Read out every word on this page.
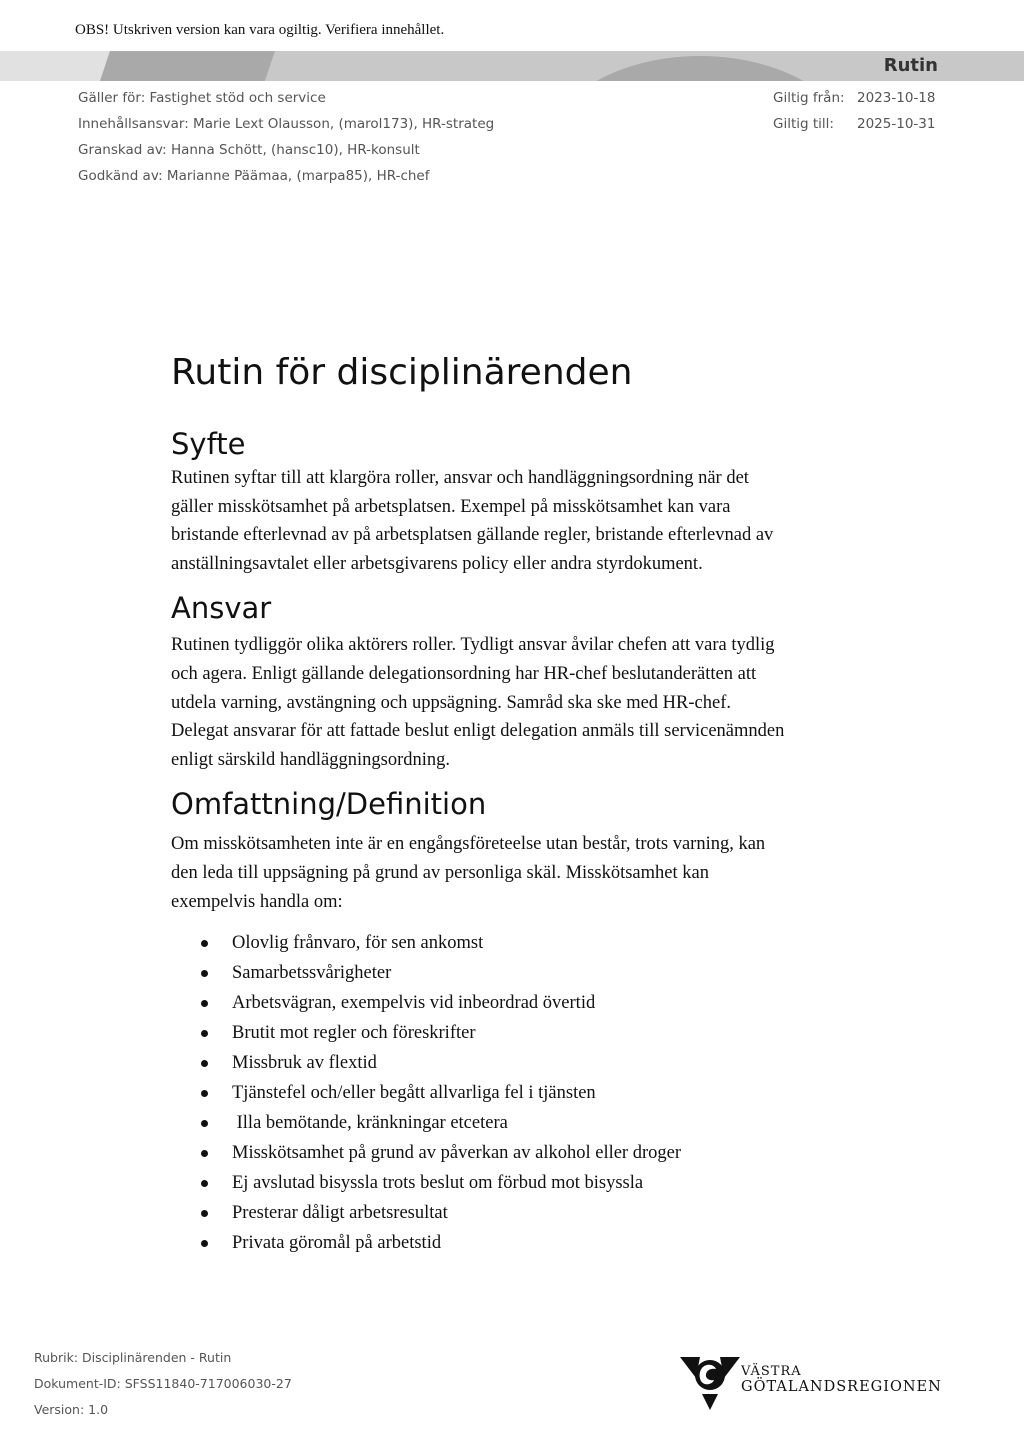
OBS! Utskriven version kan vara ogiltig. Verifiera innehållet.
Rutin
Gäller för: Fastighet stöd och service
Innehållsansvar: Marie Lext Olausson, (marol173), HR-strateg
Granskad av: Hanna Schött, (hansc10), HR-konsult
Godkänd av: Marianne Päämaa, (marpa85), HR-chef
Giltig från: 2023-10-18
Giltig till:	2025-10-31
Rutin för disciplinärenden
Syfte

Rutinen syftar till att klargöra roller, ansvar och handläggningsordning när det gäller misskötsamhet på arbetsplatsen. Exempel på misskötsamhet kan vara bristande efterlevnad av på arbetsplatsen gällande regler, bristande efterlevnad av anställningsavtalet eller arbetsgivarens policy eller andra styrdokument.

Ansvar

Rutinen tydliggör olika aktörers roller. Tydligt ansvar åvilar chefen att vara tydlig och agera. Enligt gällande delegationsordning har HR-chef beslutanderätten att utdela varning, avstängning och uppsägning. Samråd ska ske med HR-chef. Delegat ansvarar för att fattade beslut enligt delegation anmäls till servicenämnden enligt särskild handläggningsordning.

Omfattning/Definition

Om misskötsamheten inte är en engångsföreteelse utan består, trots varning, kan den leda till uppsägning på grund av personliga skäl. Misskötsamhet kan exempelvis handla om:

Olovlig frånvaro, för sen ankomst
Samarbetssvårigheter
Arbetsvägran, exempelvis vid inbeordrad övertid
Brutit mot regler och föreskrifter
Missbruk av flextid
Tjänstefel och/eller begått allvarliga fel i tjänsten
Illa bemötande, kränkningar etcetera
Misskötsamhet på grund av påverkan av alkohol eller droger
Ej avslutad bisyssla trots beslut om förbud mot bisyssla
Presterar dåligt arbetsresultat
Privata göromål på arbetstid
Rubrik: Disciplinärenden - Rutin
Dokument-ID: SFSS11840-717006030-27
Version: 1.0
VÄSTRA
GÖTALANDSREGIONEN
